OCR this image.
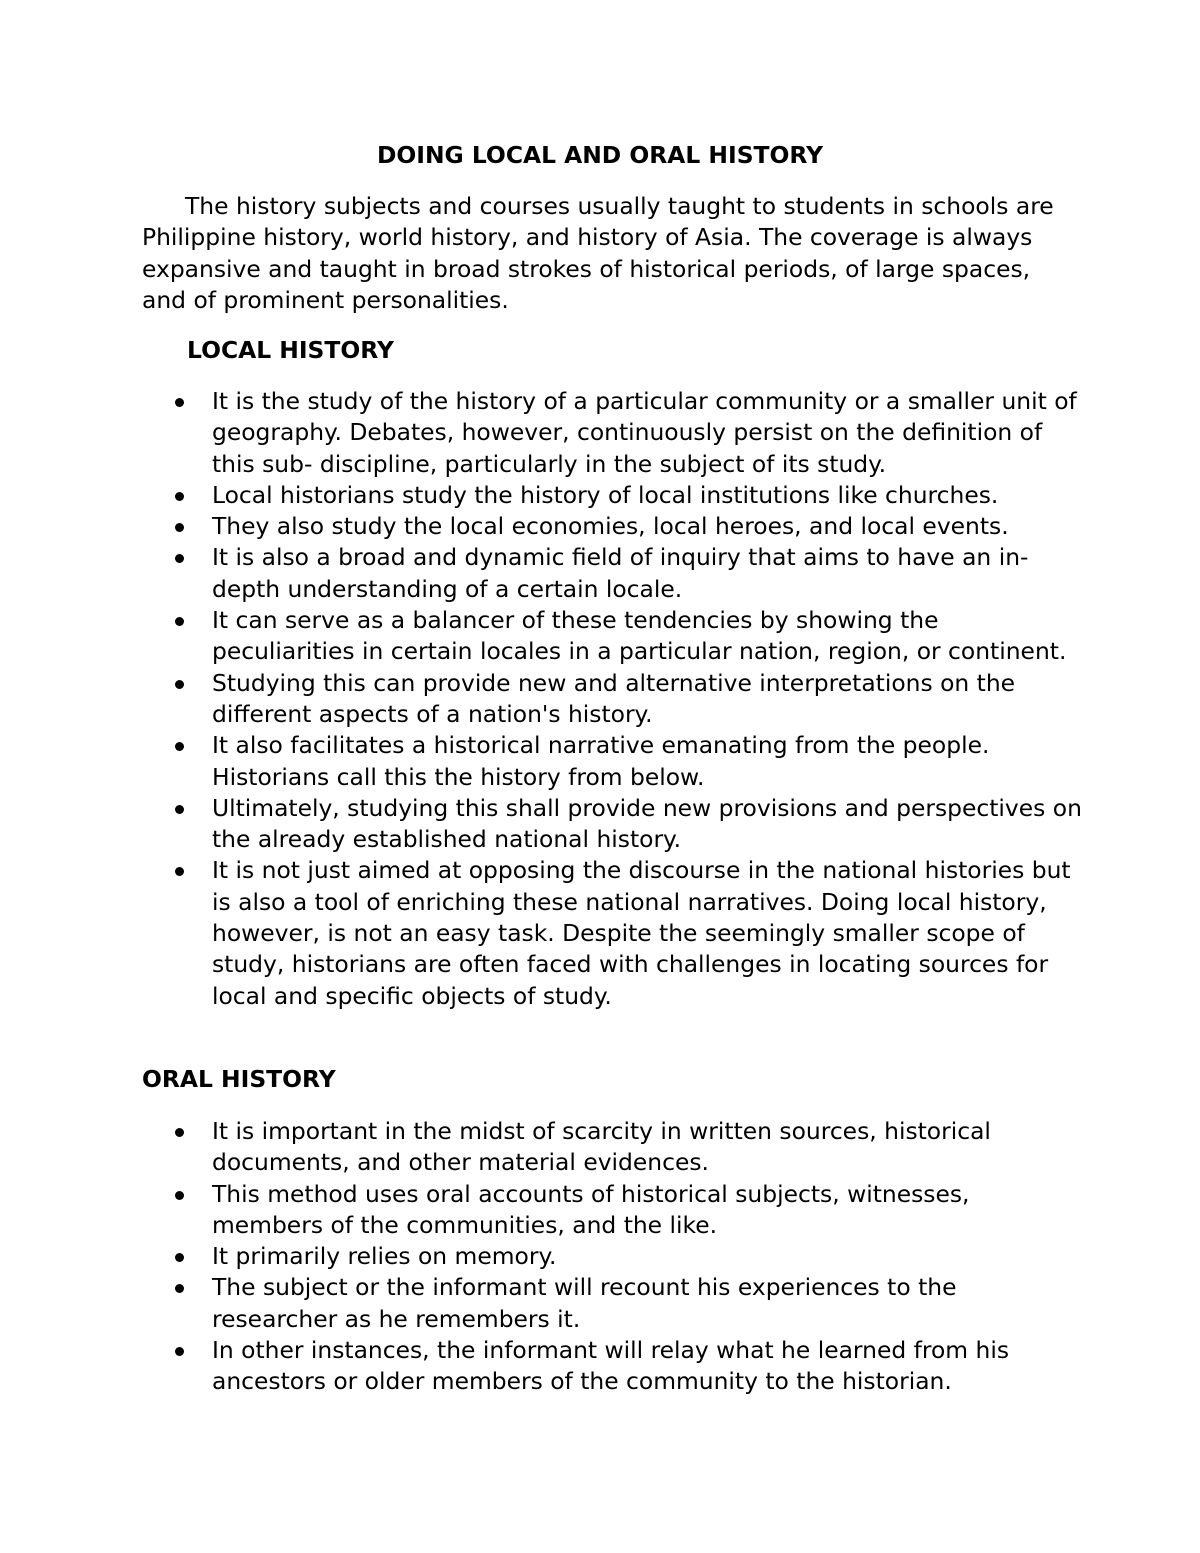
DOING LOCAL AND ORAL HISTORY

The history subjects and courses usually taught to students in schools are Philippine history, world history, and history of Asia. The coverage is always expansive and taught in broad strokes of historical periods, of large spaces, and of prominent personalities.

LOCAL HISTORY
It is the study of the history of a particular community or a smaller unit of geography. Debates, however, continuously persist on the definition of this sub- discipline, particularly in the subject of its study.
Local historians study the history of local institutions like churches.
They also study the local economies, local heroes, and local events.
It is also a broad and dynamic field of inquiry that aims to have an in-depth understanding of a certain locale.
It can serve as a balancer of these tendencies by showing the peculiarities in certain locales in a particular nation, region, or continent.
Studying this can provide new and alternative interpretations on the different aspects of a nation's history.
It also facilitates a historical narrative emanating from the people. Historians call this the history from below.
Ultimately, studying this shall provide new provisions and perspectives on the already established national history.
It is not just aimed at opposing the discourse in the national histories but is also a tool of enriching these national narratives. Doing local history, however, is not an easy task. Despite the seemingly smaller scope of study, historians are often faced with challenges in locating sources for local and specific objects of study.
ORAL HISTORY
It is important in the midst of scarcity in written sources, historical documents, and other material evidences.
This method uses oral accounts of historical subjects, witnesses, members of the communities, and the like.
It primarily relies on memory.
The subject or the informant will recount his experiences to the researcher as he remembers it.
In other instances, the informant will relay what he learned from his ancestors or older members of the community to the historian.
